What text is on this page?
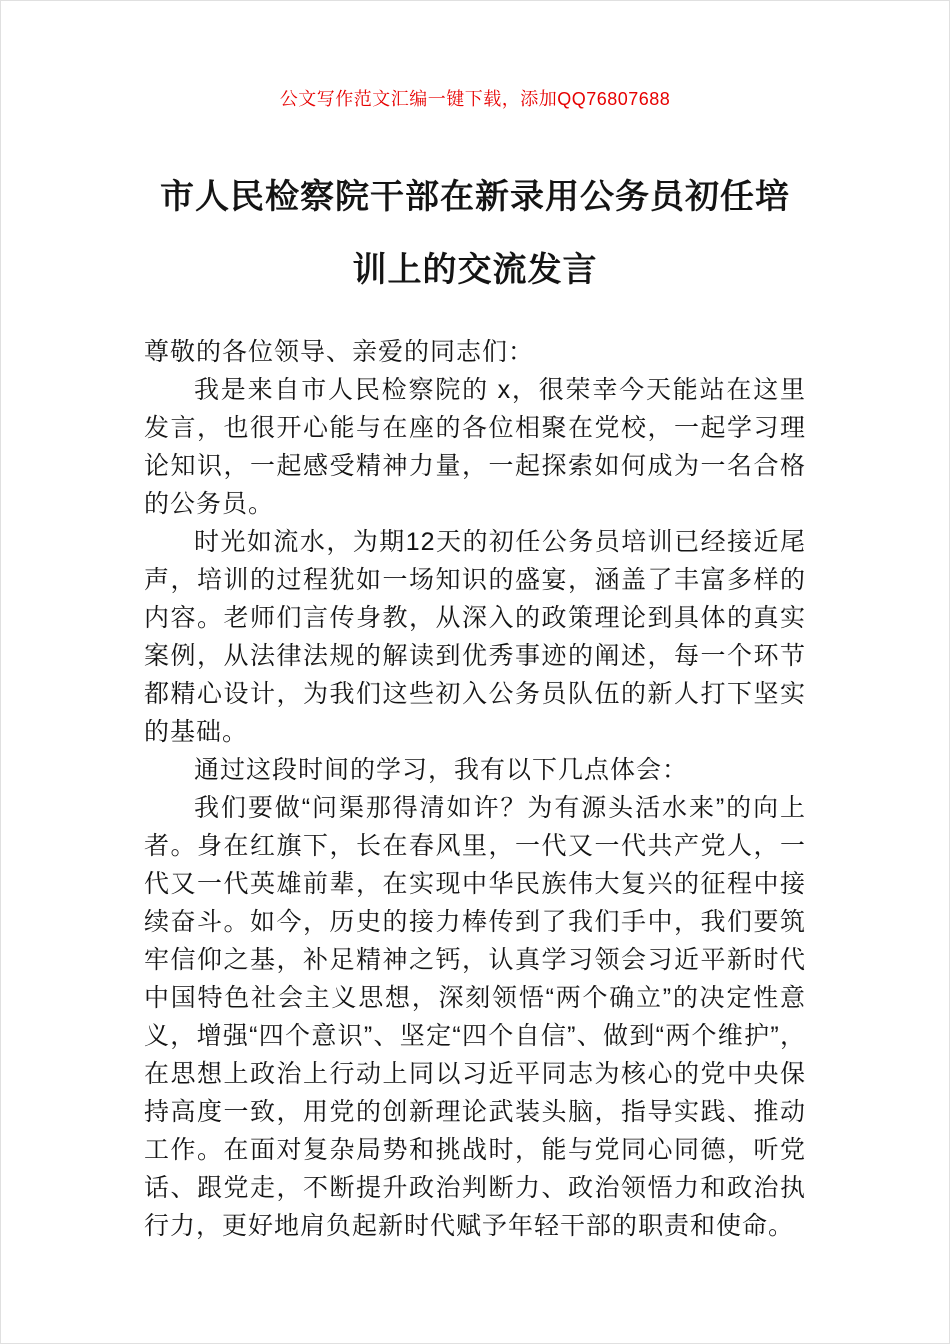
公文写作范文汇编一键下载，添加QQ76807688
市人民检察院干部在新录用公务员初任培
训上的交流发言

尊敬的各位领导、亲爱的同志们：

我是来自市人民检察院的 x，很荣幸今天能站在这里发言，也很开心能与在座的各位相聚在党校，一起学习理论知识，一起感受精神力量，一起探索如何成为一名合格的公务员。

时光如流水，为期12天的初任公务员培训已经接近尾声，培训的过程犹如一场知识的盛宴，涵盖了丰富多样的内容。老师们言传身教，从深入的政策理论到具体的真实案例，从法律法规的解读到优秀事迹的阐述，每一个环节都精心设计，为我们这些初入公务员队伍的新人打下坚实的基础。

通过这段时间的学习，我有以下几点体会：

我们要做“问渠那得清如许？为有源头活水来”的向上者。身在红旗下，长在春风里，一代又一代共产党人，一代又一代英雄前辈，在实现中华民族伟大复兴的征程中接续奋斗。如今，历史的接力棒传到了我们手中，我们要筑牢信仰之基，补足精神之钙，认真学习领会习近平新时代中国特色社会主义思想，深刻领悟“两个确立”的决定性意义，增强“四个意识”、坚定“四个自信”、做到“两个维护”，在思想上政治上行动上同以习近平同志为核心的党中央保持高度一致，用党的创新理论武装头脑，指导实践、推动工作。在面对复杂局势和挑战时，能与党同心同德，听党话、跟党走，不断提升政治判断力、政治领悟力和政治执行力，更好地肩负起新时代赋予年轻干部的职责和使命。
